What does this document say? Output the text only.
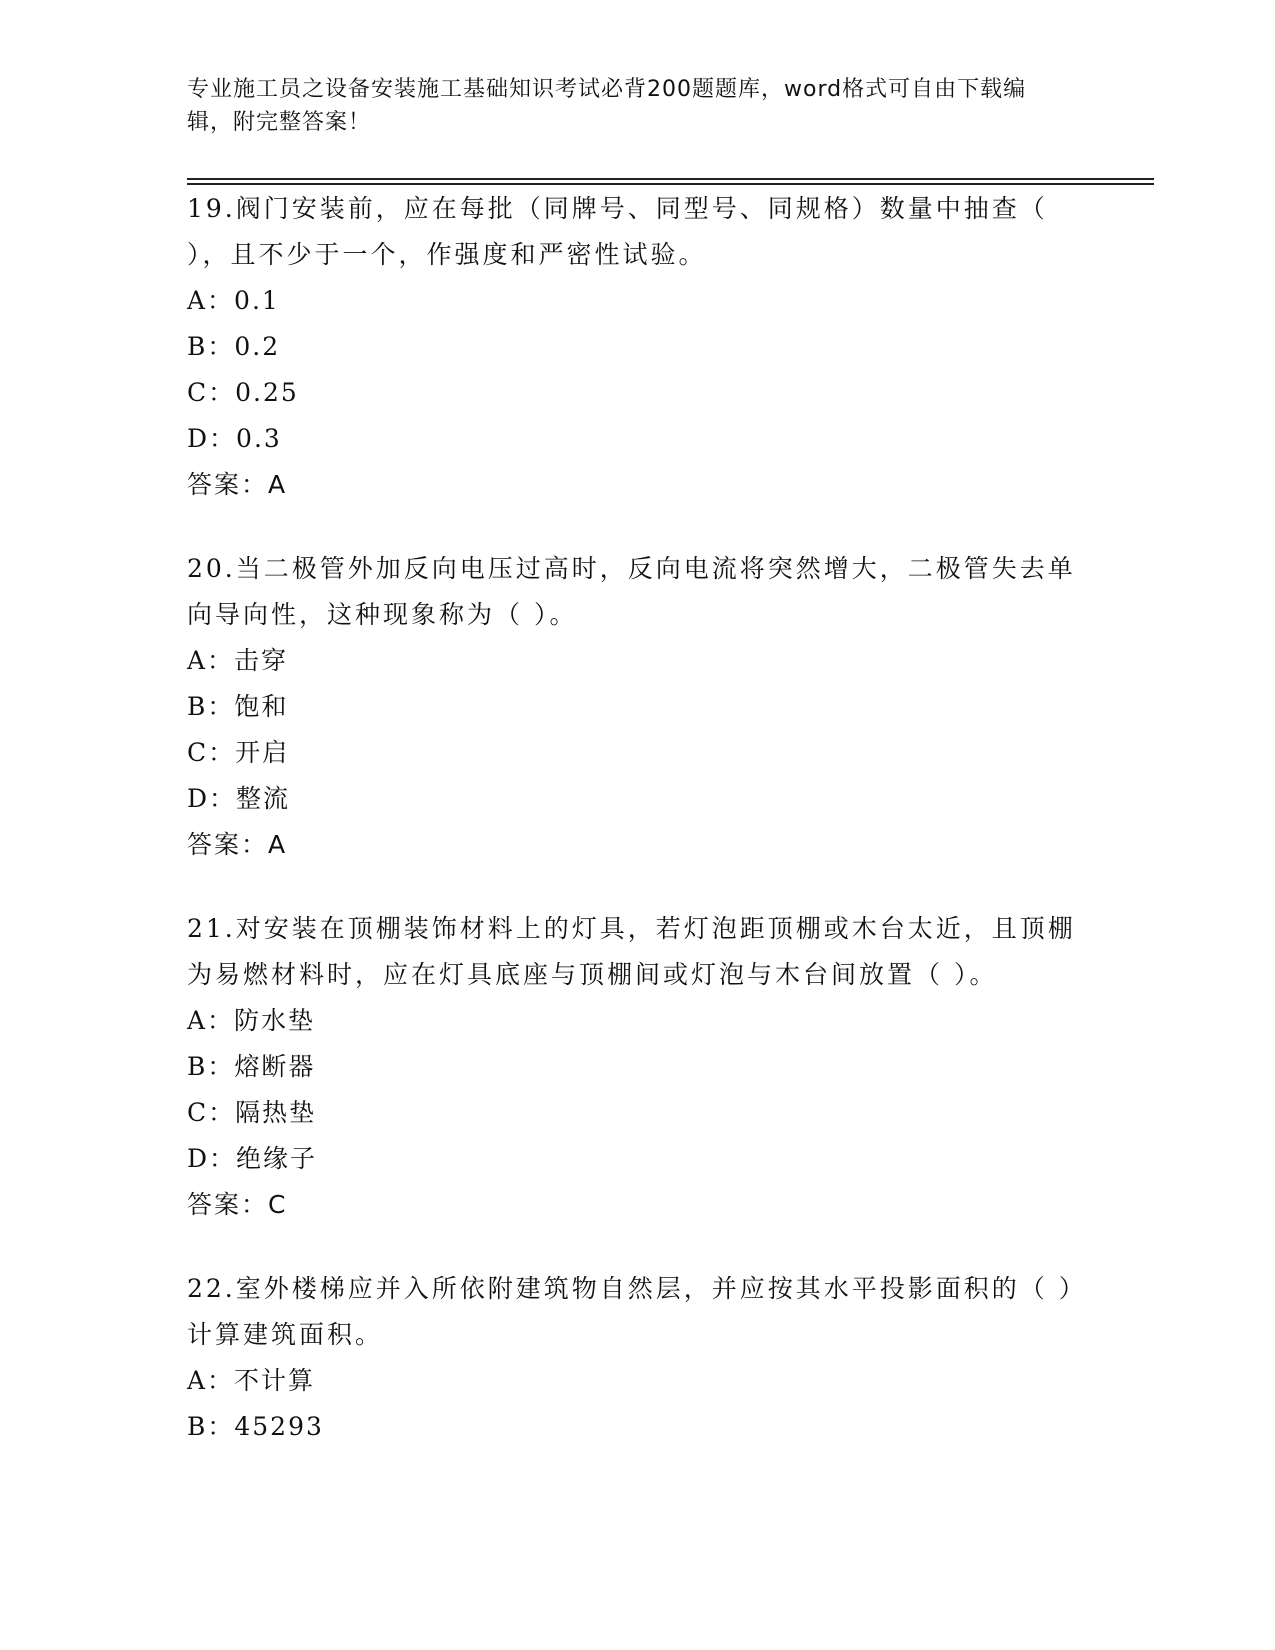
专业施工员之设备安装施工基础知识考试必背200题题库，word格式可自由下载编辑，附完整答案！

19.阀门安装前，应在每批（同牌号、同型号、同规格）数量中抽查（ ），且不少于一个，作强度和严密性试验。

A：0.1

B：0.2

C：0.25

D：0.3

答案：A

20.当二极管外加反向电压过高时，反向电流将突然增大，二极管失去单向导向性，这种现象称为（ ）。

A：击穿

B：饱和

C：开启

D：整流

答案：A

21.对安装在顶棚装饰材料上的灯具，若灯泡距顶棚或木台太近，且顶棚为易燃材料时，应在灯具底座与顶棚间或灯泡与木台间放置（ ）。

A：防水垫

B：熔断器

C：隔热垫

D：绝缘子

答案：C

22.室外楼梯应并入所依附建筑物自然层，并应按其水平投影面积的（ ）计算建筑面积。

A：不计算

B：45293
